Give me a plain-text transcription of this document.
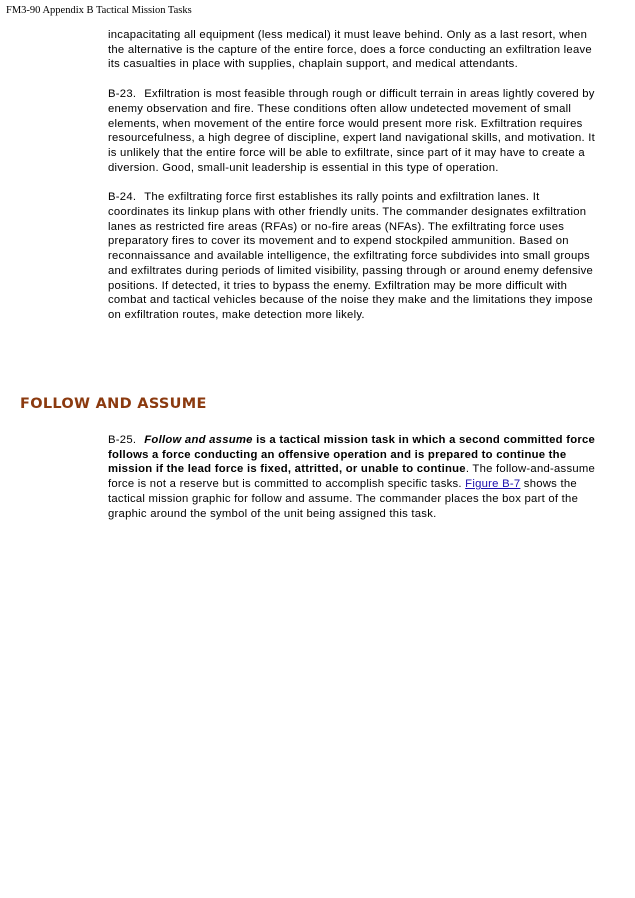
FM3-90 Appendix B Tactical Mission Tasks

incapacitating all equipment (less medical) it must leave behind. Only as a last resort, when the alternative is the capture of the entire force, does a force conducting an exfiltration leave its casualties in place with supplies, chaplain support, and medical attendants.

B-23. Exfiltration is most feasible through rough or difficult terrain in areas lightly covered by enemy observation and fire. These conditions often allow undetected movement of small elements, when movement of the entire force would present more risk. Exfiltration requires resourcefulness, a high degree of discipline, expert land navigational skills, and motivation. It is unlikely that the entire force will be able to exfiltrate, since part of it may have to create a diversion. Good, small-unit leadership is essential in this type of operation.

B-24. The exfiltrating force first establishes its rally points and exfiltration lanes. It coordinates its linkup plans with other friendly units. The commander designates exfiltration lanes as restricted fire areas (RFAs) or no-fire areas (NFAs). The exfiltrating force uses preparatory fires to cover its movement and to expend stockpiled ammunition. Based on reconnaissance and available intelligence, the exfiltrating force subdivides into small groups and exfiltrates during periods of limited visibility, passing through or around enemy defensive positions. If detected, it tries to bypass the enemy. Exfiltration may be more difficult with combat and tactical vehicles because of the noise they make and the limitations they impose on exfiltration routes, make detection more likely.

FOLLOW AND ASSUME

B-25. Follow and assume is a tactical mission task in which a second committed force follows a force conducting an offensive operation and is prepared to continue the mission if the lead force is fixed, attritted, or unable to continue. The follow-and-assume force is not a reserve but is committed to accomplish specific tasks. Figure B-7 shows the tactical mission graphic for follow and assume. The commander places the box part of the graphic around the symbol of the unit being assigned this task.
